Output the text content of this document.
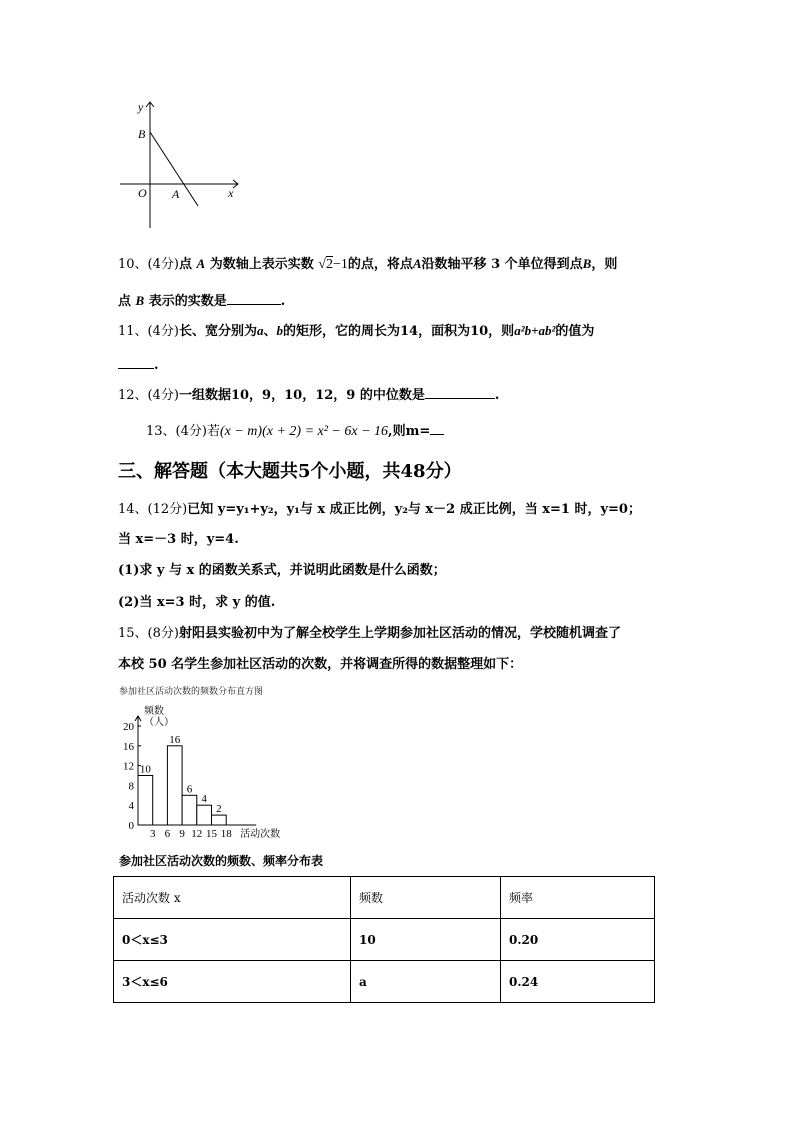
y
B
O A	x
10、(4分)点 A 为数轴上表示实数 √2−1的点，将点A沿数轴平移 3 个单位得到点B，则
点 B 表示的实数是	.
11、(4分)长、宽分别为a、b的矩形，它的周长为14，面积为10，则a²b+ab²的值为
.
12、(4分)一组数据10，9，10，12，9 的中位数是	.
13、(4分)若(x − m)(x + 2) = x² − 6x − 16,则m=
三、解答题（本大题共5个小题，共48分）
14、(12分)已知 y=y₁+y₂，y₁与 x 成正比例，y₂与 x－2 成正比例，当 x=1 时，y=0；
当 x=－3 时，y=4.
(1)求 y 与 x 的函数关系式，并说明此函数是什么函数；
(2)当 x=3 时，求 y 的值.
15、(8分)射阳县实验初中为了解全校学生上学期参加社区活动的情况，学校随机调查了
本校 50 名学生参加社区活动的次数，并将调查所得的数据整理如下：
参加社区活动次数的频数分布直方图
0
4
8
12
16
20
3 6 9 12 15 18
频数
（人）
活动次数
10
16
6
4
2
参加社区活动次数的频数、频率分布表
活动次数 x	频数	频率
0＜x≤3	10	0.20
3＜x≤6	a	0.24
